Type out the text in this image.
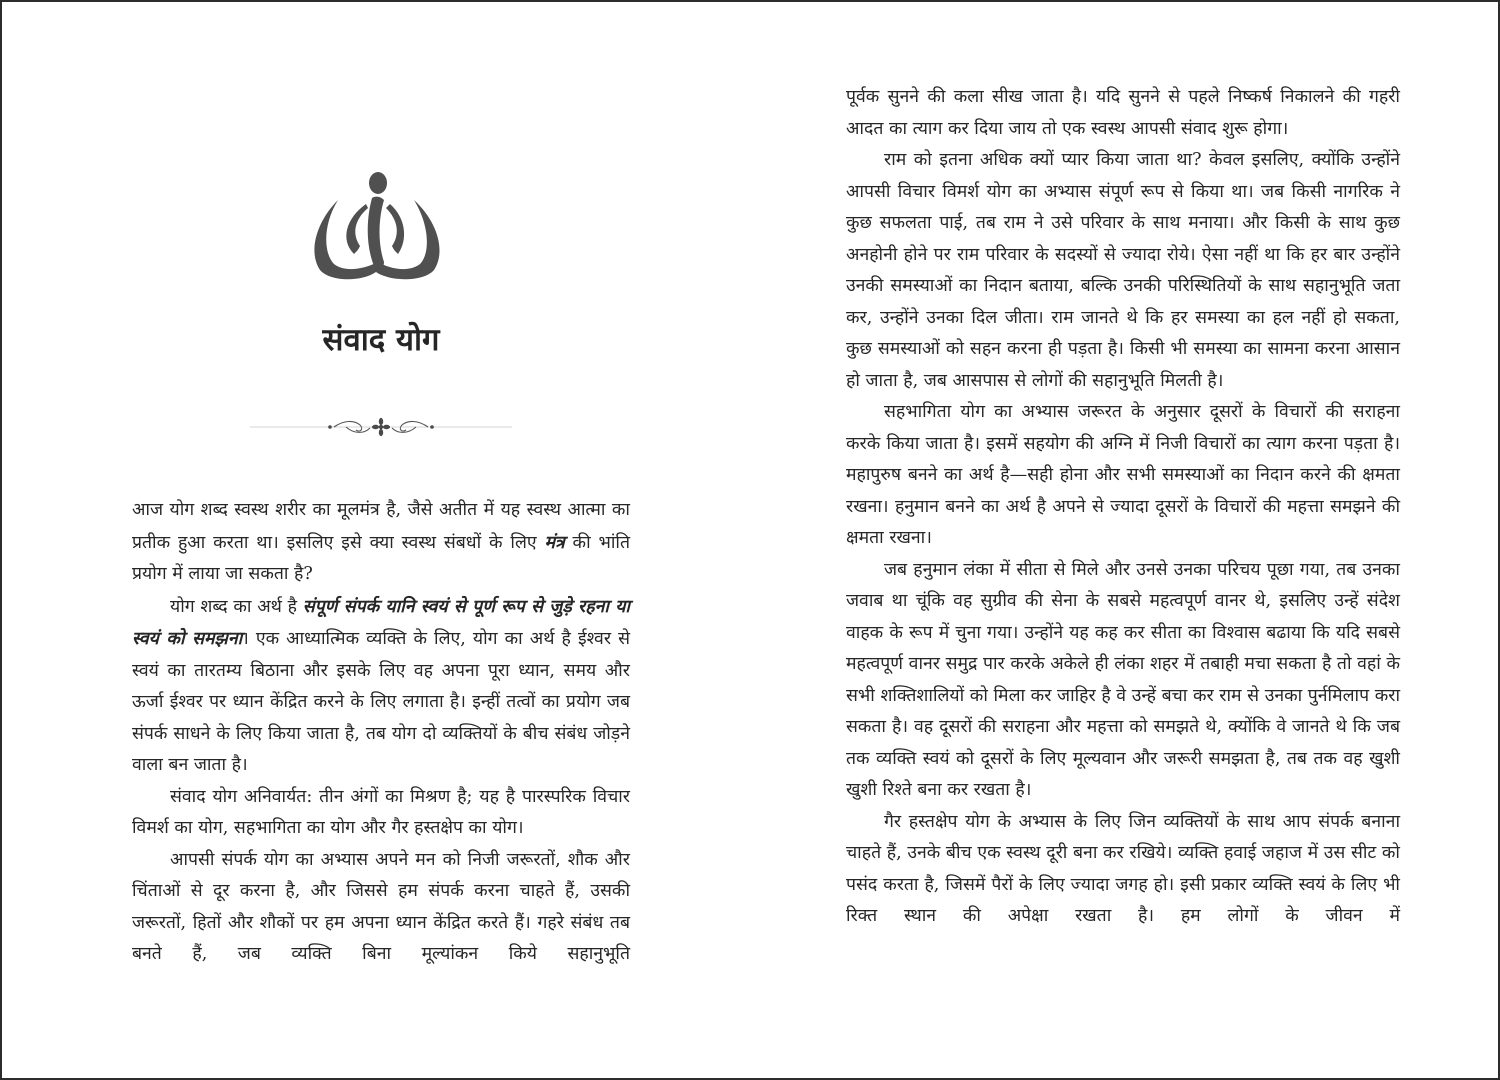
संवाद योग

आज योग शब्द स्वस्थ शरीर का मूलमंत्र है, जैसे अतीत में यह स्वस्थ आत्मा का प्रतीक हुआ करता था। इसलिए इसे क्या स्वस्थ संबधों के लिए मंत्र की भांति प्रयोग में लाया जा सकता है?

योग शब्द का अर्थ है संपूर्ण संपर्क यानि स्वयं से पूर्ण रूप से जुड़े रहना या स्वयं को समझना। एक आध्यात्मिक व्यक्ति के लिए, योग का अर्थ है ईश्वर से स्वयं का तारतम्य बिठाना और इसके लिए वह अपना पूरा ध्यान, समय और ऊर्जा ईश्वर पर ध्यान केंद्रित करने के लिए लगाता है। इन्हीं तत्वों का प्रयोग जब संपर्क साधने के लिए किया जाता है, तब योग दो व्यक्तियों के बीच संबंध जोड़ने वाला बन जाता है।

संवाद योग अनिवार्यत: तीन अंगों का मिश्रण है; यह है पारस्परिक विचार विमर्श का योग, सहभागिता का योग और गैर हस्तक्षेप का योग।

आपसी संपर्क योग का अभ्यास अपने मन को निजी जरूरतों, शौक और चिंताओं से दूर करना है, और जिससे हम संपर्क करना चाहते हैं, उसकी जरूरतों, हितों और शौकों पर हम अपना ध्यान केंद्रित करते हैं। गहरे संबंध तब बनते हैं, जब व्यक्ति बिना मूल्यांकन किये सहानुभूति

पूर्वक सुनने की कला सीख जाता है। यदि सुनने से पहले निष्कर्ष निकालने की गहरी आदत का त्याग कर दिया जाय तो एक स्वस्थ आपसी संवाद शुरू होगा।

राम को इतना अधिक क्यों प्यार किया जाता था? केवल इसलिए, क्योंकि उन्होंने आपसी विचार विमर्श योग का अभ्यास संपूर्ण रूप से किया था। जब किसी नागरिक ने कुछ सफलता पाई, तब राम ने उसे परिवार के साथ मनाया। और किसी के साथ कुछ अनहोनी होने पर राम परिवार के सदस्यों से ज्यादा रोये। ऐसा नहीं था कि हर बार उन्होंने उनकी समस्याओं का निदान बताया, बल्कि उनकी परिस्थितियों के साथ सहानुभूति जता कर, उन्होंने उनका दिल जीता। राम जानते थे कि हर समस्या का हल नहीं हो सकता, कुछ समस्याओं को सहन करना ही पड़ता है। किसी भी समस्या का सामना करना आसान हो जाता है, जब आसपास से लोगों की सहानुभूति मिलती है।

सहभागिता योग का अभ्यास जरूरत के अनुसार दूसरों के विचारों की सराहना करके किया जाता है। इसमें सहयोग की अग्नि में निजी विचारों का त्याग करना पड़ता है। महापुरुष बनने का अर्थ है—सही होना और सभी समस्याओं का निदान करने की क्षमता रखना। हनुमान बनने का अर्थ है अपने से ज्यादा दूसरों के विचारों की महत्ता समझने की क्षमता रखना।

जब हनुमान लंका में सीता से मिले और उनसे उनका परिचय पूछा गया, तब उनका जवाब था चूंकि वह सुग्रीव की सेना के सबसे महत्वपूर्ण वानर थे, इसलिए उन्हें संदेश वाहक के रूप में चुना गया। उन्होंने यह कह कर सीता का विश्वास बढाया कि यदि सबसे महत्वपूर्ण वानर समुद्र पार करके अकेले ही लंका शहर में तबाही मचा सकता है तो वहां के सभी शक्तिशालियों को मिला कर जाहिर है वे उन्हें बचा कर राम से उनका पुर्नमिलाप करा सकता है। वह दूसरों की सराहना और महत्ता को समझते थे, क्योंकि वे जानते थे कि जब तक व्यक्ति स्वयं को दूसरों के लिए मूल्यवान और जरूरी समझता है, तब तक वह खुशी खुशी रिश्ते बना कर रखता है।

गैर हस्तक्षेप योग के अभ्यास के लिए जिन व्यक्तियों के साथ आप संपर्क बनाना चाहते हैं, उनके बीच एक स्वस्थ दूरी बना कर रखिये। व्यक्ति हवाई जहाज में उस सीट को पसंद करता है, जिसमें पैरों के लिए ज्यादा जगह हो। इसी प्रकार व्यक्ति स्वयं के लिए भी रिक्त स्थान की अपेक्षा रखता है। हम लोगों के जीवन में
